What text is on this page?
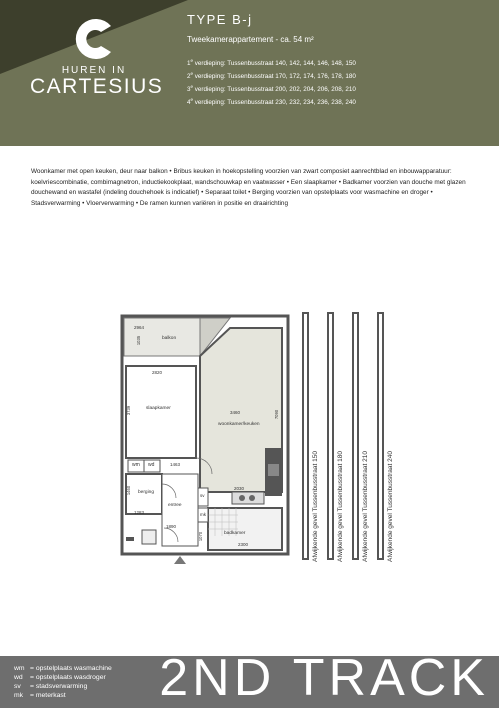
HUREN IN
CARTESIUS
TYPE B-j
Tweekamerappartement - ca. 54 m²
1e verdieping: Tussenbusstraat 140, 142, 144, 146, 148, 150
2e verdieping: Tussenbusstraat 170, 172, 174, 176, 178, 180
3e verdieping: Tussenbusstraat 200, 202, 204, 206, 208, 210
4e verdieping: Tussenbusstraat 230, 232, 234, 236, 238, 240
Woonkamer met open keuken, deur naar balkon • Bribus keuken in hoekopstelling voorzien van zwart composiet aanrechtblad en inbouwapparatuur: koelvriescombinatie, combimagnetron, inductiekookplaat, wandschouwkap en vaatwasser • Een slaapkamer • Badkamer voorzien van douche met glazen douchewand en wastafel (indeling douchehoek is indicatief) • Separaat toilet • Berging voorzien van opstelplaats voor wasmachine en droger • Stadsverwarming • Vloerverwarming • De ramen kunnen variëren in positie en draairichting
2964
balkon
1035
2820
slaapkamer
3739	3460
woonkamer/keuken
7090
wm wd	1463
berging
1460
1283
entree
1890
1070
sv
mk
2030
badkamer
2300	Afwijkende gevel Tussenbusstraat 150	Afwijkende gevel Tussenbusstraat 180	Afwijkende gevel Tussenbusstraat 210	Afwijkende gevel Tussenbusstraat 240
wm = opstelplaats wasmachine
wd = opstelplaats wasdroger
sv = stadsverwarming
mk = meterkast	2ND TRACK
